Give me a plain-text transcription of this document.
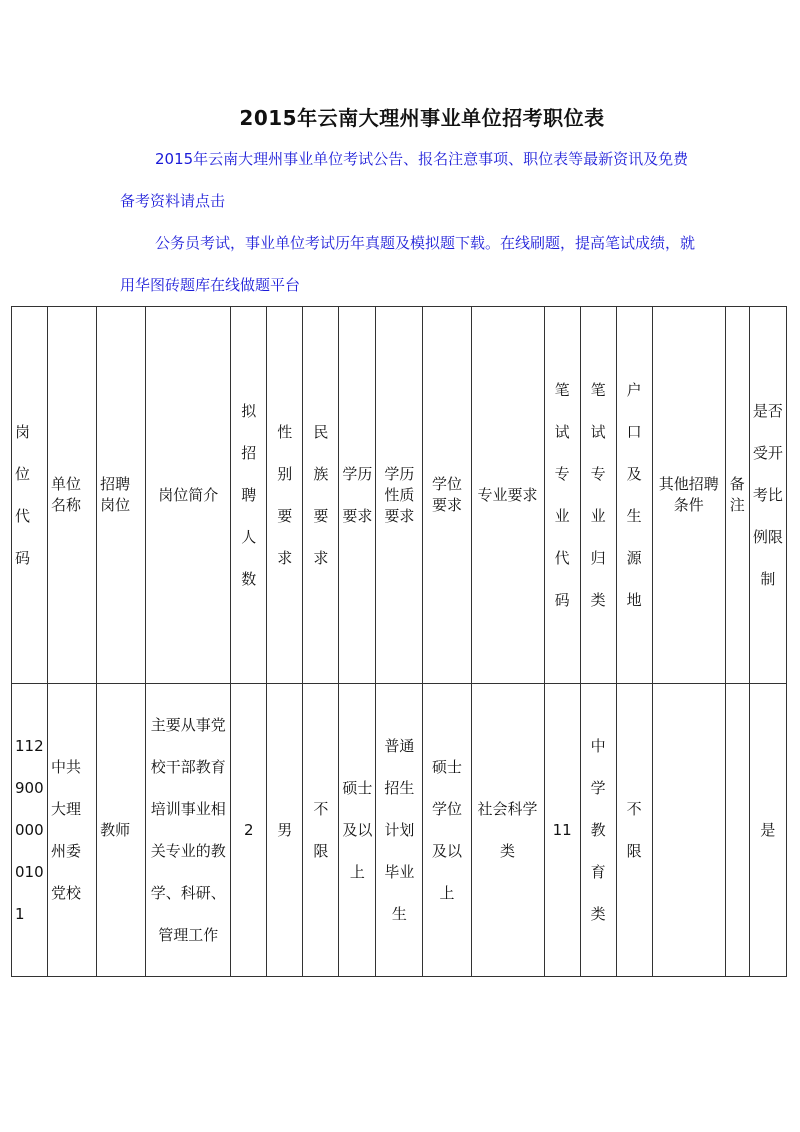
2015年云南大理州事业单位招考职位表
2015年云南大理州事业单位考试公告、报名注意事项、职位表等最新资讯及免费备考资料请点击
公务员考试，事业单位考试历年真题及模拟题下载。在线刷题，提高笔试成绩，就用华图砖题库在线做题平台
岗位代码	单位名称	招聘岗位	岗位简介	拟招聘人数	性别要求	民族要求	学历要求	学历性质要求	学位要求	专业要求	笔试专业代码	笔试专业归类	户口及生源地	其他招聘条件	备注	是否受开考比例限制
1129000000101	中共大理州委党校	教师	主要从事党校干部教育培训事业相关专业的教学、科研、管理工作	2	男	不限	硕士及以上	普通招生计划毕业生	硕士学位及以上	社会科学类	11	中学教育类	不限			是
